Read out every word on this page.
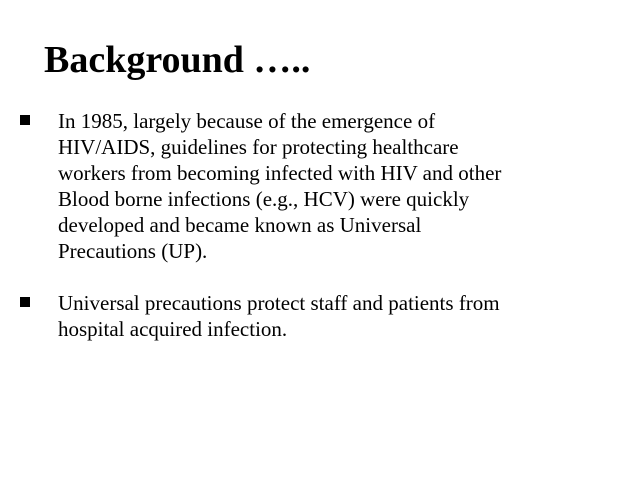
Background …..
In 1985, largely because of the emergence of
HIV/AIDS, guidelines for protecting healthcare
workers from becoming infected with HIV and other
Blood borne infections (e.g., HCV) were quickly
developed and became known as Universal
Precautions (UP).
Universal precautions protect staff and patients from
hospital acquired infection.
